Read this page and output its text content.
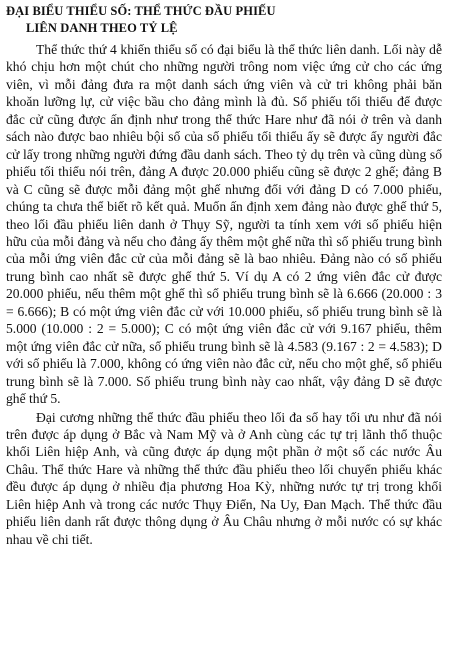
ĐẠI BIỂU THIỂU SỐ: THỂ THỨC ĐẦU PHIẾU
LIÊN DANH THEO TỶ LỆ

Thể thức thứ 4 khiến thiểu số có đại biểu là thể thức liên danh. Lối này dễ khó chịu hơn một chút cho những người trông nom việc ứng cử cho các ứng viên, vì mỗi đảng đưa ra một danh sách ứng viên và cử tri không phải băn khoăn lưỡng lự, cử việc bầu cho đảng mình là đủ. Số phiếu tối thiểu để được đắc cử cũng được ấn định như trong thể thức Hare như đã nói ở trên và danh sách nào được bao nhiêu bội số của số phiếu tối thiểu ấy sẽ được ấy người đắc cử lấy trong những người đứng đầu danh sách. Theo tỷ dụ trên và cũng dùng số phiếu tối thiểu nói trên, đảng A được 20.000 phiếu cũng sẽ được 2 ghế; đảng B và C cũng sẽ được mỗi đảng một ghế nhưng đối với đảng D có 7.000 phiếu, chúng ta chưa thể biết rõ kết quả. Muốn ấn định xem đảng nào được ghế thứ 5, theo lối đầu phiếu liên danh ở Thụy Sỹ, người ta tính xem với số phiếu hiện hữu của mỗi đảng và nếu cho đảng ấy thêm một ghế nữa thì số phiếu trung bình của mỗi ứng viên đắc cử của mỗi đảng sẽ là bao nhiêu. Đảng nào có số phiếu trung bình cao nhất sẽ được ghế thứ 5. Ví dụ A có 2 ứng viên đắc cử được 20.000 phiếu, nếu thêm một ghế thì số phiếu trung bình sẽ là 6.666 (20.000 : 3 = 6.666); B có một ứng viên đắc cử với 10.000 phiếu, số phiếu trung bình sẽ là 5.000 (10.000 : 2 = 5.000); C có một ứng viên đắc cử với 9.167 phiếu, thêm một ứng viên đắc cử nữa, số phiếu trung bình sẽ là 4.583 (9.167 : 2 = 4.583); D với số phiếu là 7.000, không có ứng viên nào đắc cử, nếu cho một ghế, số phiếu trung bình sẽ là 7.000. Số phiếu trung bình này cao nhất, vậy đảng D sẽ được ghế thứ 5.

Đại cương những thể thức đầu phiếu theo lối đa số hay tối ưu như đã nói trên được áp dụng ở Bắc và Nam Mỹ và ở Anh cùng các tự trị lãnh thổ thuộc khối Liên hiệp Anh, và cũng được áp dụng một phần ở một số các nước Âu Châu. Thể thức Hare và những thể thức đầu phiếu theo lối chuyển phiếu khác đều được áp dụng ở nhiều địa phương Hoa Kỳ, những nước tự trị trong khối Liên hiệp Anh và trong các nước Thụy Điển, Na Uy, Đan Mạch. Thể thức đầu phiếu liên danh rất được thông dụng ở Âu Châu nhưng ở mỗi nước có sự khác nhau về chi tiết.
